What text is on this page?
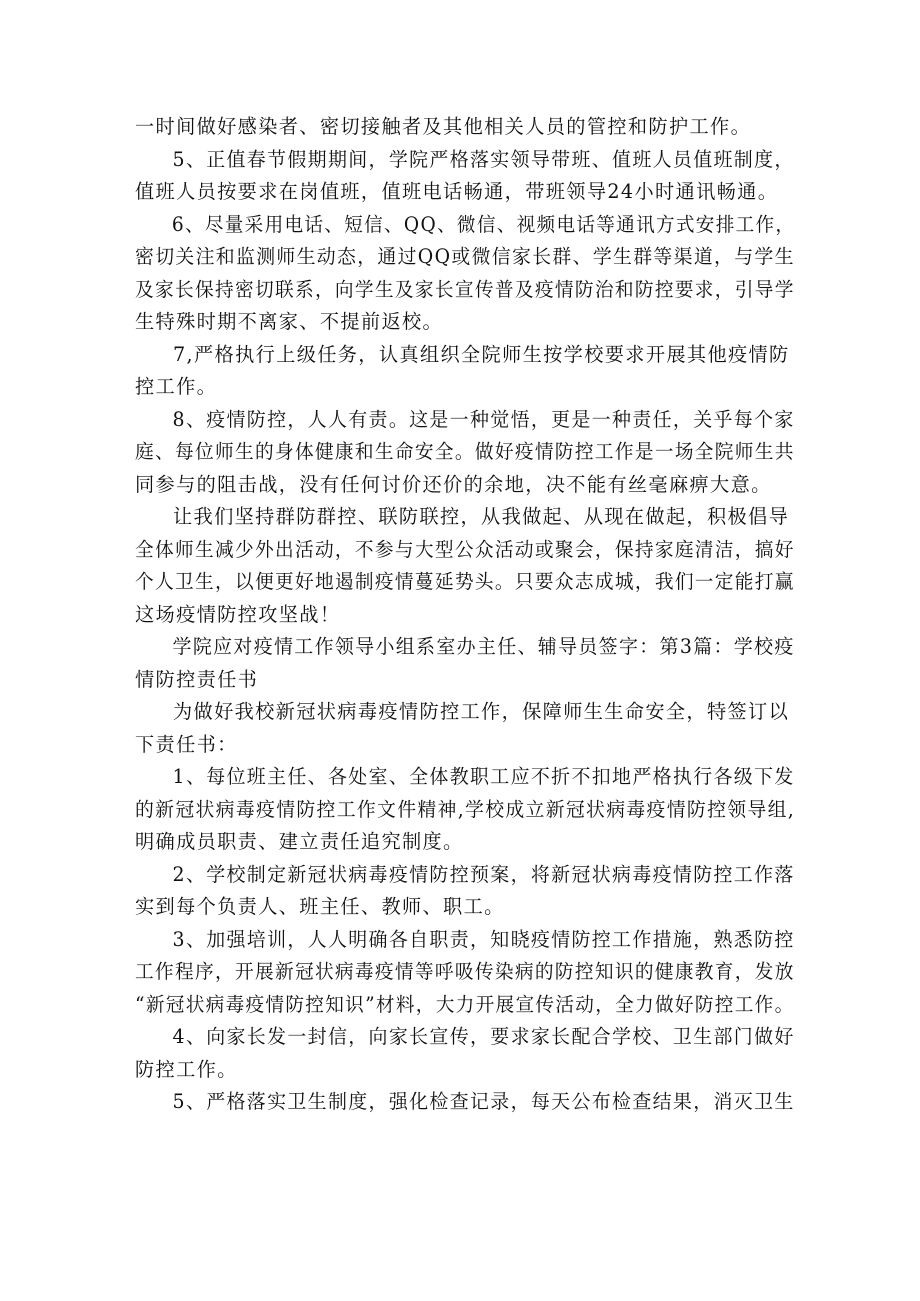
一时间做好感染者、密切接触者及其他相关人员的管控和防护工作。
5、正值春节假期期间，学院严格落实领导带班、值班人员值班制度，
值班人员按要求在岗值班，值班电话畅通，带班领导24小时通讯畅通。
6、尽量采用电话、短信、QQ、微信、视频电话等通讯方式安排工作，
密切关注和监测师生动态，通过QQ或微信家长群、学生群等渠道，与学生
及家长保持密切联系，向学生及家长宣传普及疫情防治和防控要求，引导学
生特殊时期不离家、不提前返校。
7,严格执行上级任务，认真组织全院师生按学校要求开展其他疫情防
控工作。
8、疫情防控，人人有责。这是一种觉悟，更是一种责任，关乎每个家
庭、每位师生的身体健康和生命安全。做好疫情防控工作是一场全院师生共
同参与的阻击战，没有任何讨价还价的余地，决不能有丝毫麻痹大意。
让我们坚持群防群控、联防联控，从我做起、从现在做起，积极倡导
全体师生减少外出活动，不参与大型公众活动或聚会，保持家庭清洁，搞好
个人卫生，以便更好地遏制疫情蔓延势头。只要众志成城，我们一定能打赢
这场疫情防控攻坚战！
学院应对疫情工作领导小组系室办主任、辅导员签字：第3篇：学校疫
情防控责任书
为做好我校新冠状病毒疫情防控工作，保障师生生命安全，特签订以
下责任书：
1、每位班主任、各处室、全体教职工应不折不扣地严格执行各级下发
的新冠状病毒疫情防控工作文件精神,学校成立新冠状病毒疫情防控领导组,
明确成员职责、建立责任追究制度。
2、学校制定新冠状病毒疫情防控预案，将新冠状病毒疫情防控工作落
实到每个负责人、班主任、教师、职工。
3、加强培训，人人明确各自职责，知晓疫情防控工作措施，熟悉防控
工作程序，开展新冠状病毒疫情等呼吸传染病的防控知识的健康教育，发放
“新冠状病毒疫情防控知识”材料，大力开展宣传活动，全力做好防控工作。
4、向家长发一封信，向家长宣传，要求家长配合学校、卫生部门做好
防控工作。
5、严格落实卫生制度，强化检查记录，每天公布检查结果，消灭卫生
